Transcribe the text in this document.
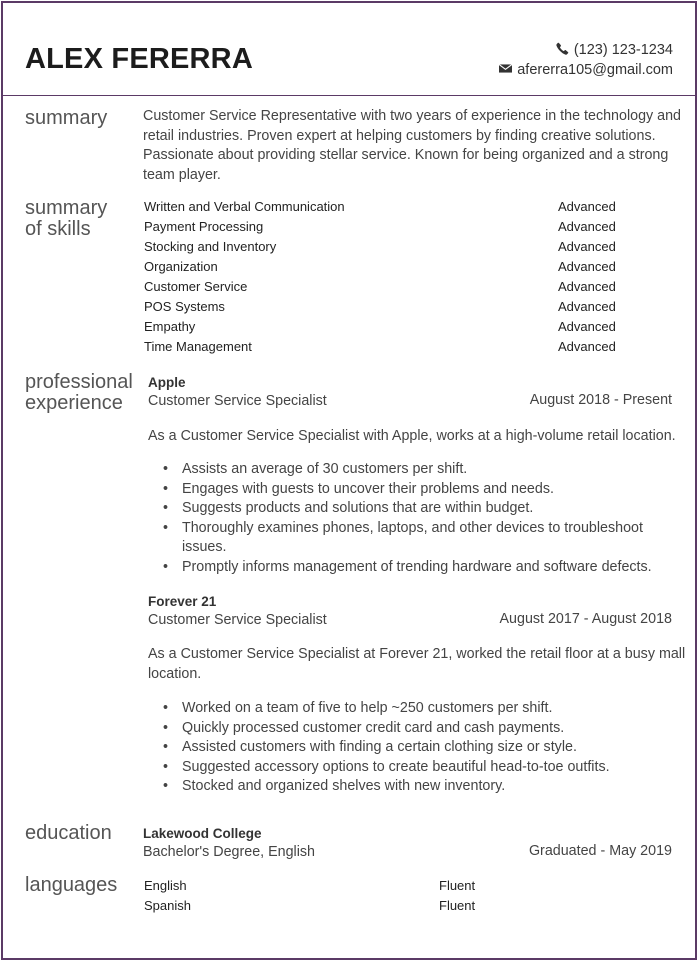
ALEX FERERRA	(123) 123-1234
afererra105@gmail.com
summary	Customer Service Representative with two years of experience in the technology and retail industries. Proven expert at helping customers by finding creative solutions. Passionate about providing stellar service. Known for being organized and a strong team player.
summary
of skills
Written and Verbal Communication	Advanced
Payment Processing	Advanced
Stocking and Inventory	Advanced
Organization	Advanced
Customer Service	Advanced
POS Systems	Advanced
Empathy	Advanced
Time Management	Advanced
professional
experience
Apple
Customer Service Specialist	August 2018 - Present
As a Customer Service Specialist with Apple, works at a high-volume retail location.
• Assists an average of 30 customers per shift.
• Engages with guests to uncover their problems and needs.
• Suggests products and solutions that are within budget.
• Thoroughly examines phones, laptops, and other devices to troubleshoot issues.
• Promptly informs management of trending hardware and software defects.
Forever 21
Customer Service Specialist	August 2017 - August 2018
As a Customer Service Specialist at Forever 21, worked the retail floor at a busy mall location.
• Worked on a team of five to help ~250 customers per shift.
• Quickly processed customer credit card and cash payments.
• Assisted customers with finding a certain clothing size or style.
• Suggested accessory options to create beautiful head-to-toe outfits.
• Stocked and organized shelves with new inventory.
education Lakewood College
Bachelor's Degree, English	Graduated - May 2019
languages English	Fluent
Spanish	Fluent
